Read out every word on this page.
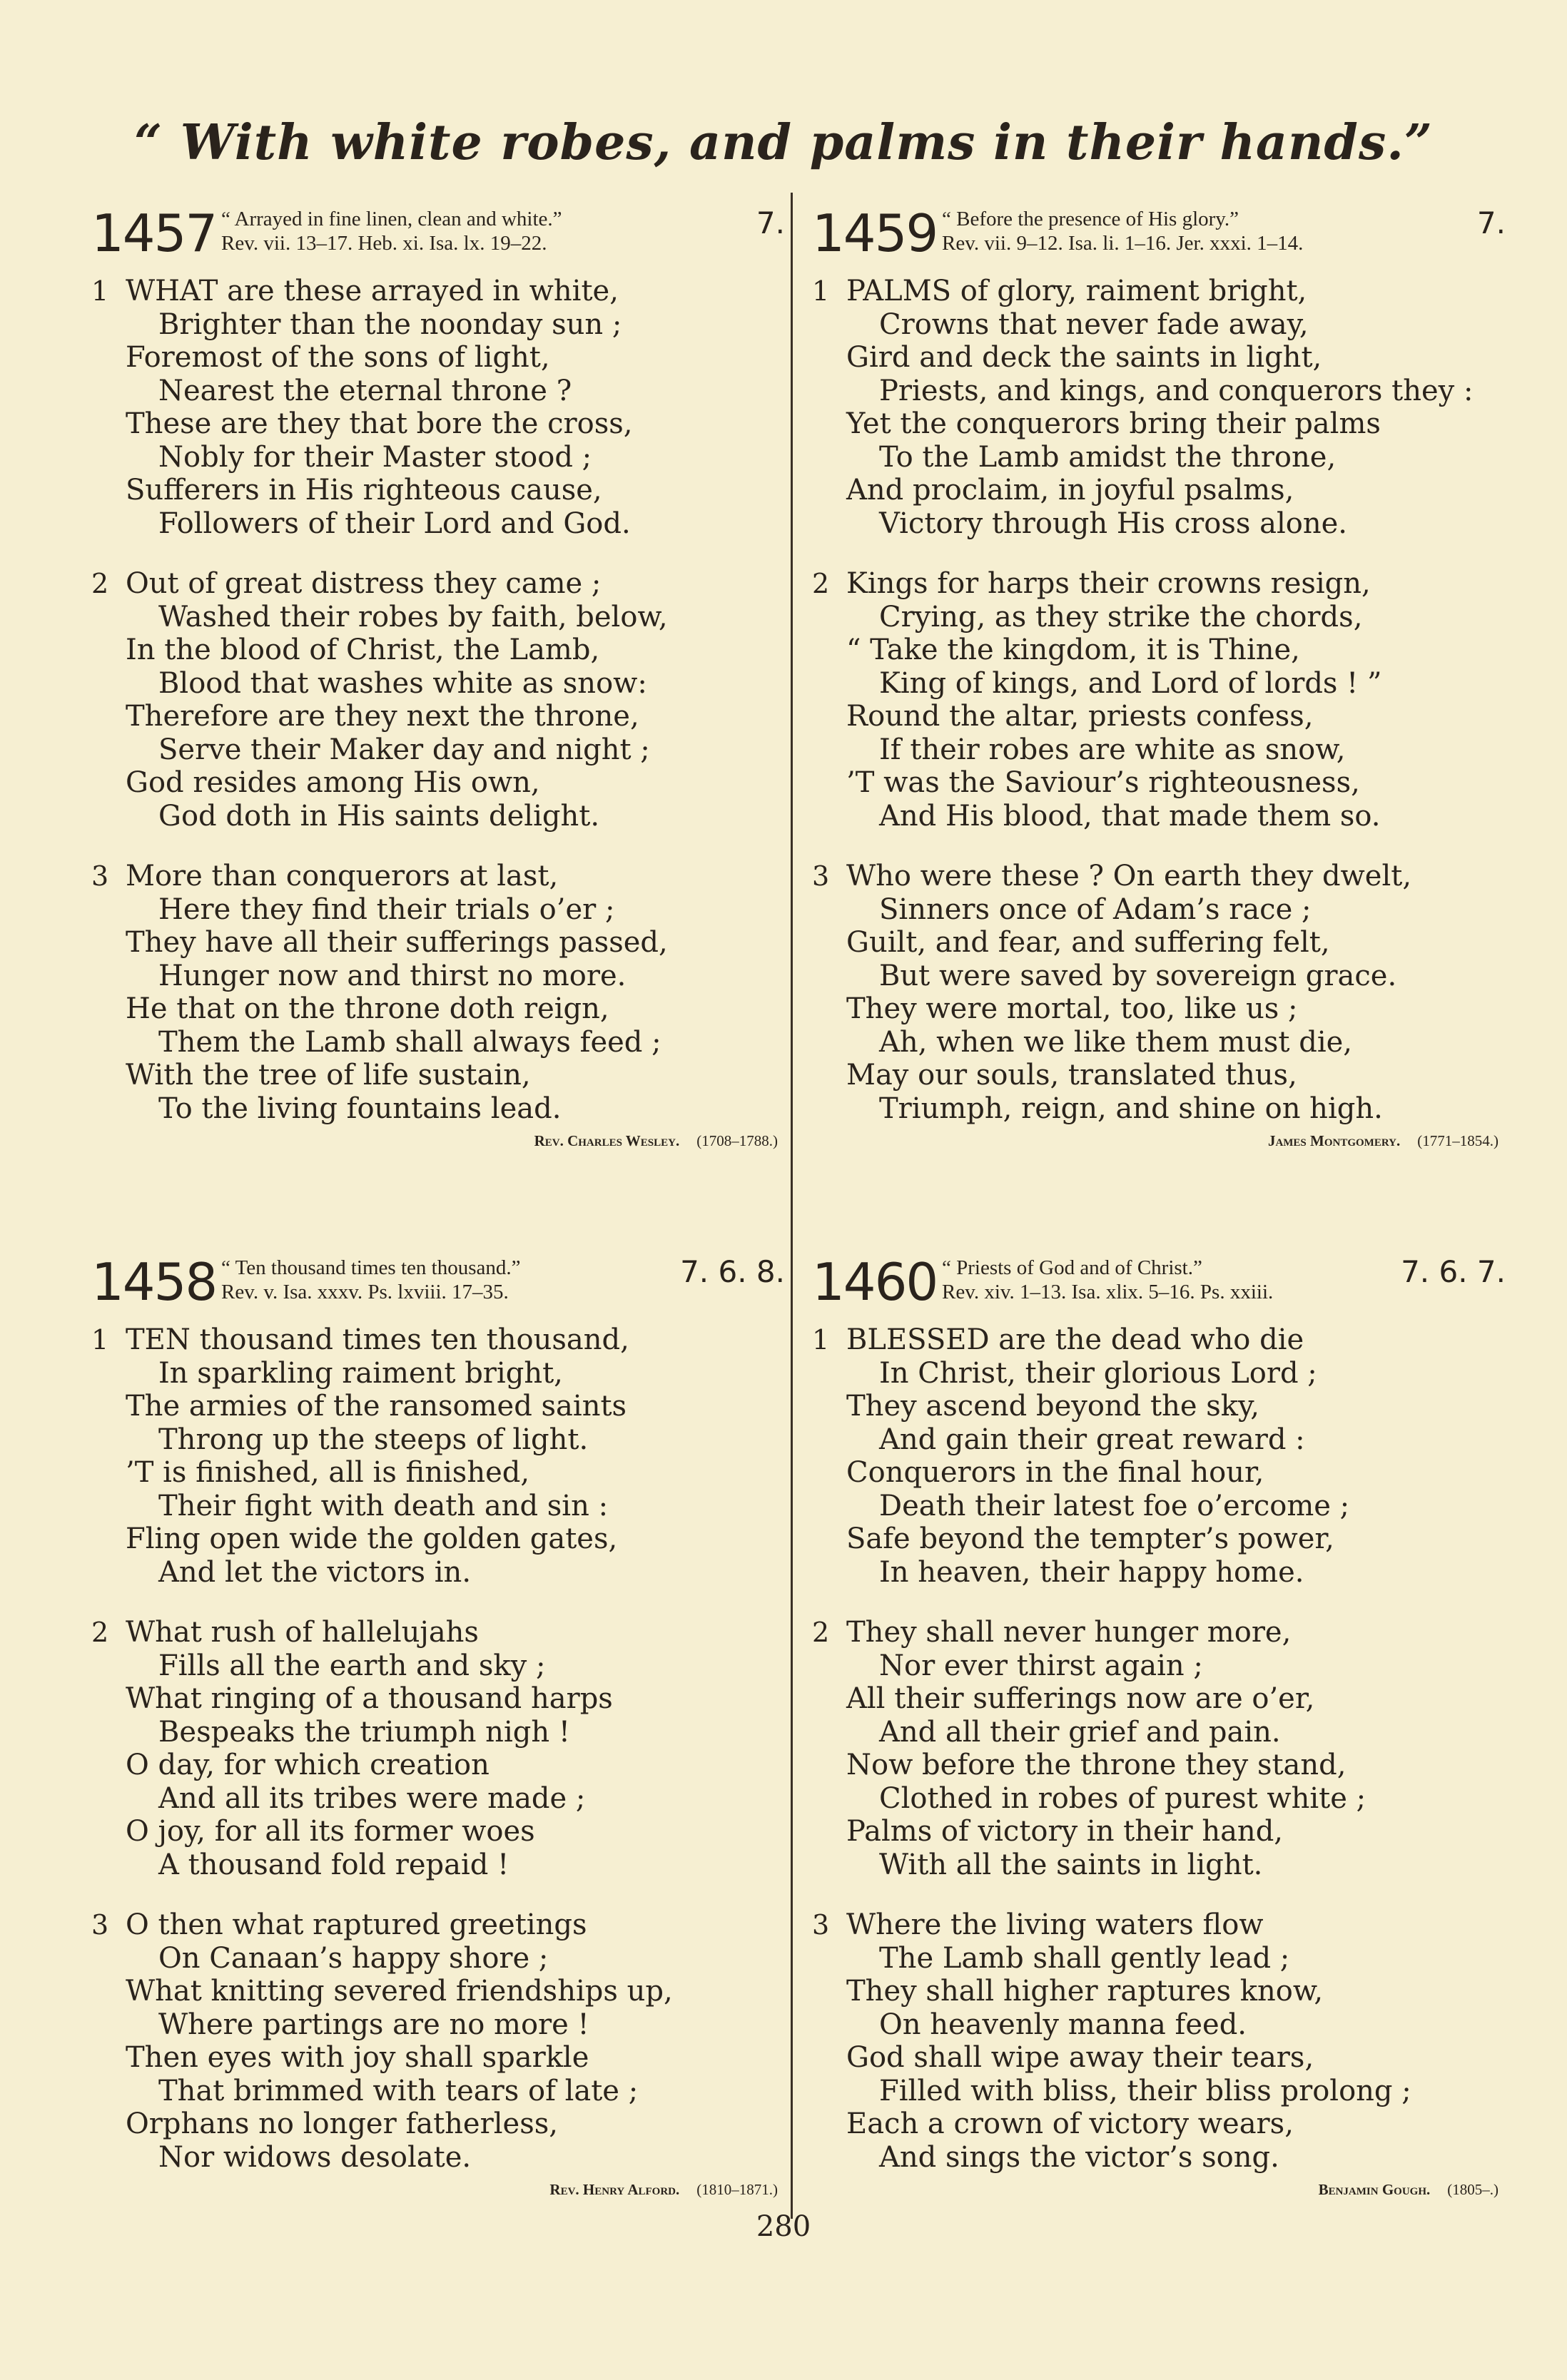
“ With white robes, and palms in their hands.”
1457 “ Arrayed in fine linen, clean and white.”
Rev. vii. 13–17. Heb. xi. Isa. lx. 19–22.
7.
1 WHAT are these arrayed in white,
Brighter than the noonday sun ;
Foremost of the sons of light,
Nearest the eternal throne ?
These are they that bore the cross,
Nobly for their Master stood ;
Sufferers in His righteous cause,
Followers of their Lord and God.
2 Out of great distress they came ;
Washed their robes by faith, below,
In the blood of Christ, the Lamb,
Blood that washes white as snow:
Therefore are they next the throne,
Serve their Maker day and night ;
God resides among His own,
God doth in His saints delight.
3 More than conquerors at last,
Here they find their trials o’er ;
They have all their sufferings passed,
Hunger now and thirst no more.
He that on the throne doth reign,
Them the Lamb shall always feed ;
With the tree of life sustain,
To the living fountains lead.
Rev. Charles Wesley. (1708–1788.)
1459 “ Before the presence of His glory.”
Rev. vii. 9–12. Isa. li. 1–16. Jer. xxxi. 1–14.
7.
1 PALMS of glory, raiment bright,
Crowns that never fade away,
Gird and deck the saints in light,
Priests, and kings, and conquerors they :
Yet the conquerors bring their palms
To the Lamb amidst the throne,
And proclaim, in joyful psalms,
Victory through His cross alone.
2 Kings for harps their crowns resign,
Crying, as they strike the chords,
“ Take the kingdom, it is Thine,
King of kings, and Lord of lords ! ”
Round the altar, priests confess,
If their robes are white as snow,
’T was the Saviour’s righteousness,
And His blood, that made them so.
3 Who were these ? On earth they dwelt,
Sinners once of Adam’s race ;
Guilt, and fear, and suffering felt,
But were saved by sovereign grace.
They were mortal, too, like us ;
Ah, when we like them must die,
May our souls, translated thus,
Triumph, reign, and shine on high.
James Montgomery. (1771–1854.)
1458 “ Ten thousand times ten thousand.”
Rev. v. Isa. xxxv. Ps. lxviii. 17–35.
7. 6. 8.
1 TEN thousand times ten thousand,
In sparkling raiment bright,
The armies of the ransomed saints
Throng up the steeps of light.
’T is finished, all is finished,
Their fight with death and sin :
Fling open wide the golden gates,
And let the victors in.
2 What rush of hallelujahs
Fills all the earth and sky ;
What ringing of a thousand harps
Bespeaks the triumph nigh !
O day, for which creation
And all its tribes were made ;
O joy, for all its former woes
A thousand fold repaid !
3 O then what raptured greetings
On Canaan’s happy shore ;
What knitting severed friendships up,
Where partings are no more !
Then eyes with joy shall sparkle
That brimmed with tears of late ;
Orphans no longer fatherless,
Nor widows desolate.
Rev. Henry Alford. (1810–1871.)
1460 “ Priests of God and of Christ.”
Rev. xiv. 1–13. Isa. xlix. 5–16. Ps. xxiii.
7. 6. 7.
1 BLESSED are the dead who die
In Christ, their glorious Lord ;
They ascend beyond the sky,
And gain their great reward :
Conquerors in the final hour,
Death their latest foe o’ercome ;
Safe beyond the tempter’s power,
In heaven, their happy home.
2 They shall never hunger more,
Nor ever thirst again ;
All their sufferings now are o’er,
And all their grief and pain.
Now before the throne they stand,
Clothed in robes of purest white ;
Palms of victory in their hand,
With all the saints in light.
3 Where the living waters flow
The Lamb shall gently lead ;
They shall higher raptures know,
On heavenly manna feed.
God shall wipe away their tears,
Filled with bliss, their bliss prolong ;
Each a crown of victory wears,
And sings the victor’s song.
Benjamin Gough. (1805–.)
280
